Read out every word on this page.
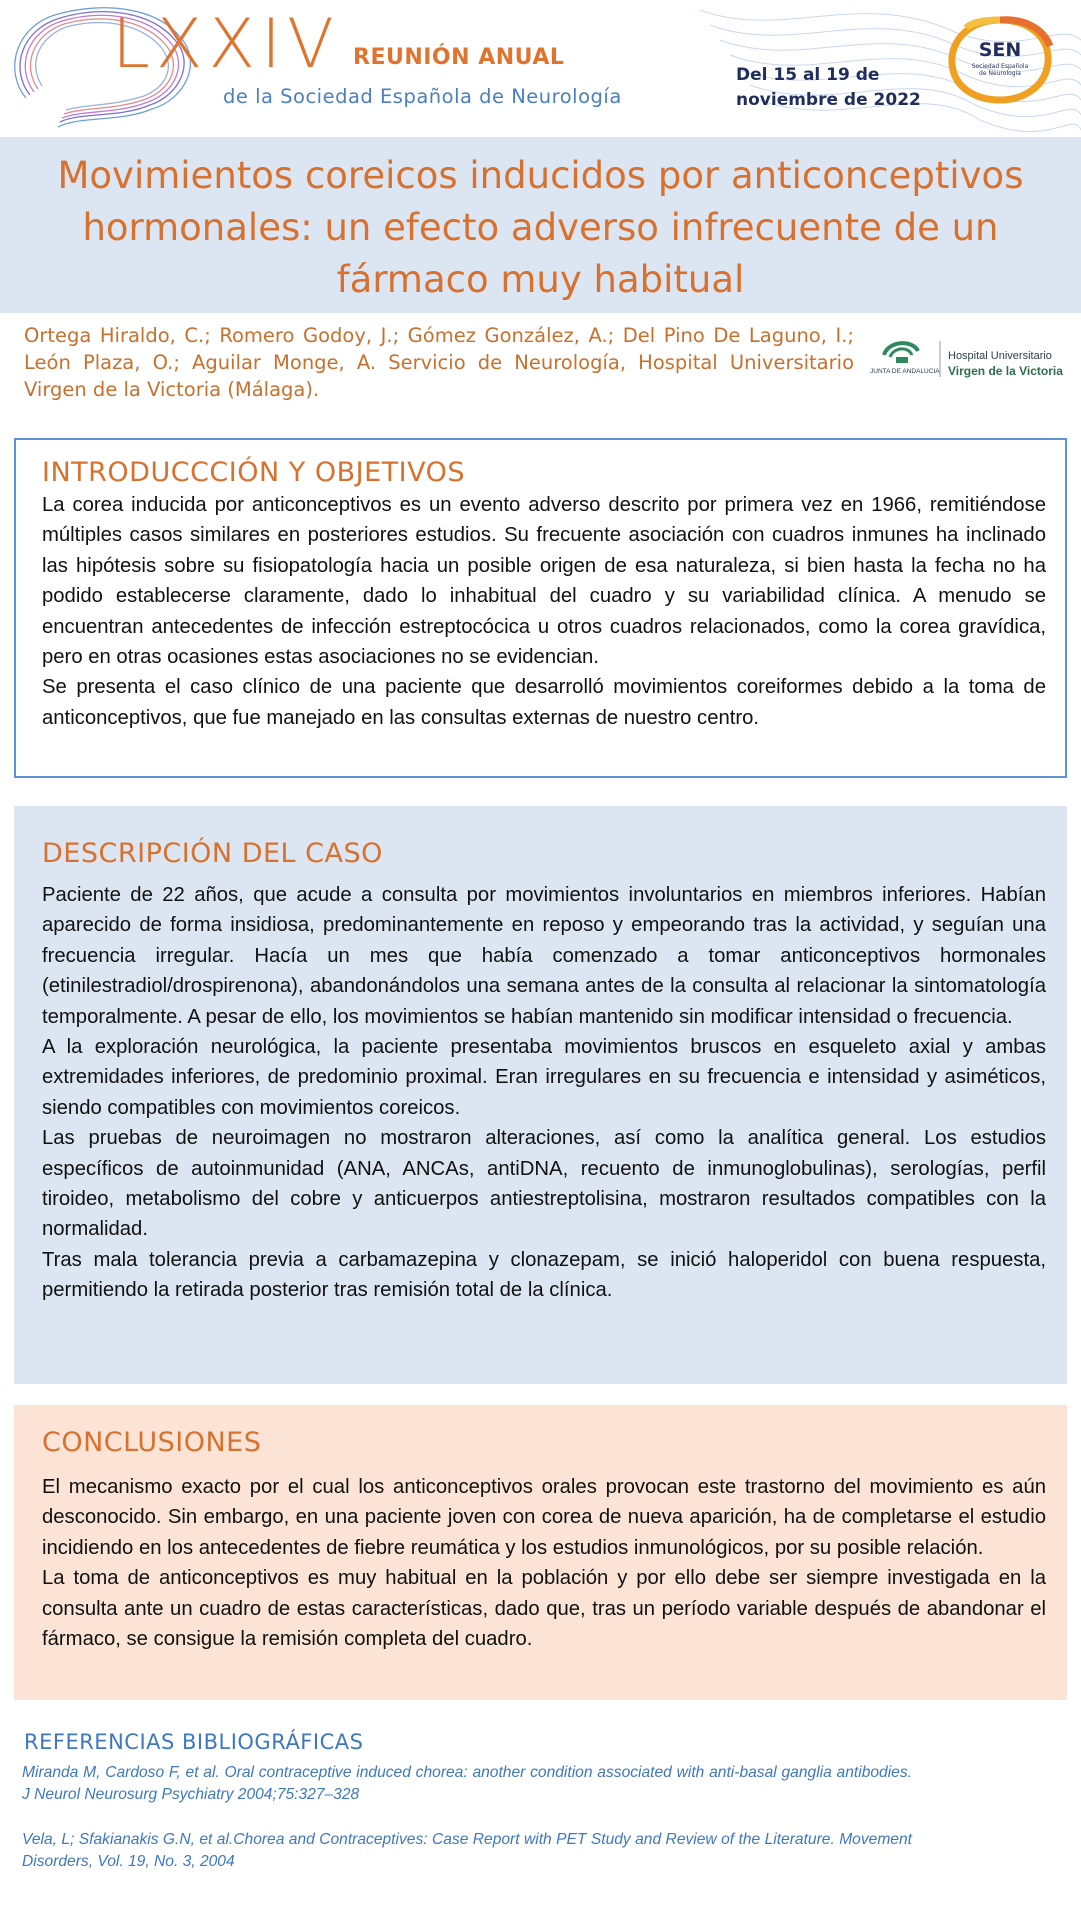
LXXIV REUNIÓN ANUAL
de la Sociedad Española de Neurología
Del 15 al 19 de
noviembre de 2022
SEN
Sociedad Española
de Neurología
Movimientos coreicos inducidos por anticonceptivos hormonales: un efecto adverso infrecuente de un fármaco muy habitual
Ortega Hiraldo, C.; Romero Godoy, J.; Gómez González, A.; Del Pino De Laguno, I.; León Plaza, O.; Aguilar Monge, A. Servicio de Neurología, Hospital Universitario Virgen de la Victoria (Málaga).
Hospital Universitario
Virgen de la Victoria
JUNTA DE ANDALUCIA
INTRODUCCCIÓN Y OBJETIVOS

La corea inducida por anticonceptivos es un evento adverso descrito por primera vez en 1966, remitiéndose múltiples casos similares en posteriores estudios. Su frecuente asociación con cuadros inmunes ha inclinado las hipótesis sobre su fisiopatología hacia un posible origen de esa naturaleza, si bien hasta la fecha no ha podido establecerse claramente, dado lo inhabitual del cuadro y su variabilidad clínica. A menudo se encuentran antecedentes de infección estreptocócica u otros cuadros relacionados, como la corea gravídica, pero en otras ocasiones estas asociaciones no se evidencian.

Se presenta el caso clínico de una paciente que desarrolló movimientos coreiformes debido a la toma de anticonceptivos, que fue manejado en las consultas externas de nuestro centro.

DESCRIPCIÓN DEL CASO

Paciente de 22 años, que acude a consulta por movimientos involuntarios en miembros inferiores. Habían aparecido de forma insidiosa, predominantemente en reposo y empeorando tras la actividad, y seguían una frecuencia irregular. Hacía un mes que había comenzado a tomar anticonceptivos hormonales (etinilestradiol/drospirenona), abandonándolos una semana antes de la consulta al relacionar la sintomatología temporalmente. A pesar de ello, los movimientos se habían mantenido sin modificar intensidad o frecuencia.

A la exploración neurológica, la paciente presentaba movimientos bruscos en esqueleto axial y ambas extremidades inferiores, de predominio proximal. Eran irregulares en su frecuencia e intensidad y asiméticos, siendo compatibles con movimientos coreicos.

Las pruebas de neuroimagen no mostraron alteraciones, así como la analítica general. Los estudios específicos de autoinmunidad (ANA, ANCAs, antiDNA, recuento de inmunoglobulinas), serologías, perfil tiroideo, metabolismo del cobre y anticuerpos antiestreptolisina, mostraron resultados compatibles con la normalidad.

Tras mala tolerancia previa a carbamazepina y clonazepam, se inició haloperidol con buena respuesta, permitiendo la retirada posterior tras remisión total de la clínica.

CONCLUSIONES

El mecanismo exacto por el cual los anticonceptivos orales provocan este trastorno del movimiento es aún desconocido. Sin embargo, en una paciente joven con corea de nueva aparición, ha de completarse el estudio incidiendo en los antecedentes de fiebre reumática y los estudios inmunológicos, por su posible relación.

La toma de anticonceptivos es muy habitual en la población y por ello debe ser siempre investigada en la consulta ante un cuadro de estas características, dado que, tras un período variable después de abandonar el fármaco, se consigue la remisión completa del cuadro.

REFERENCIAS BIBLIOGRÁFICAS
Miranda M, Cardoso F, et al. Oral contraceptive induced chorea: another condition associated with anti-basal ganglia antibodies. J Neurol Neurosurg Psychiatry 2004;75:327–328
Vela, L; Sfakianakis G.N, et al.Chorea and Contraceptives: Case Report with PET Study and Review of the Literature. Movement Disorders, Vol. 19, No. 3, 2004
